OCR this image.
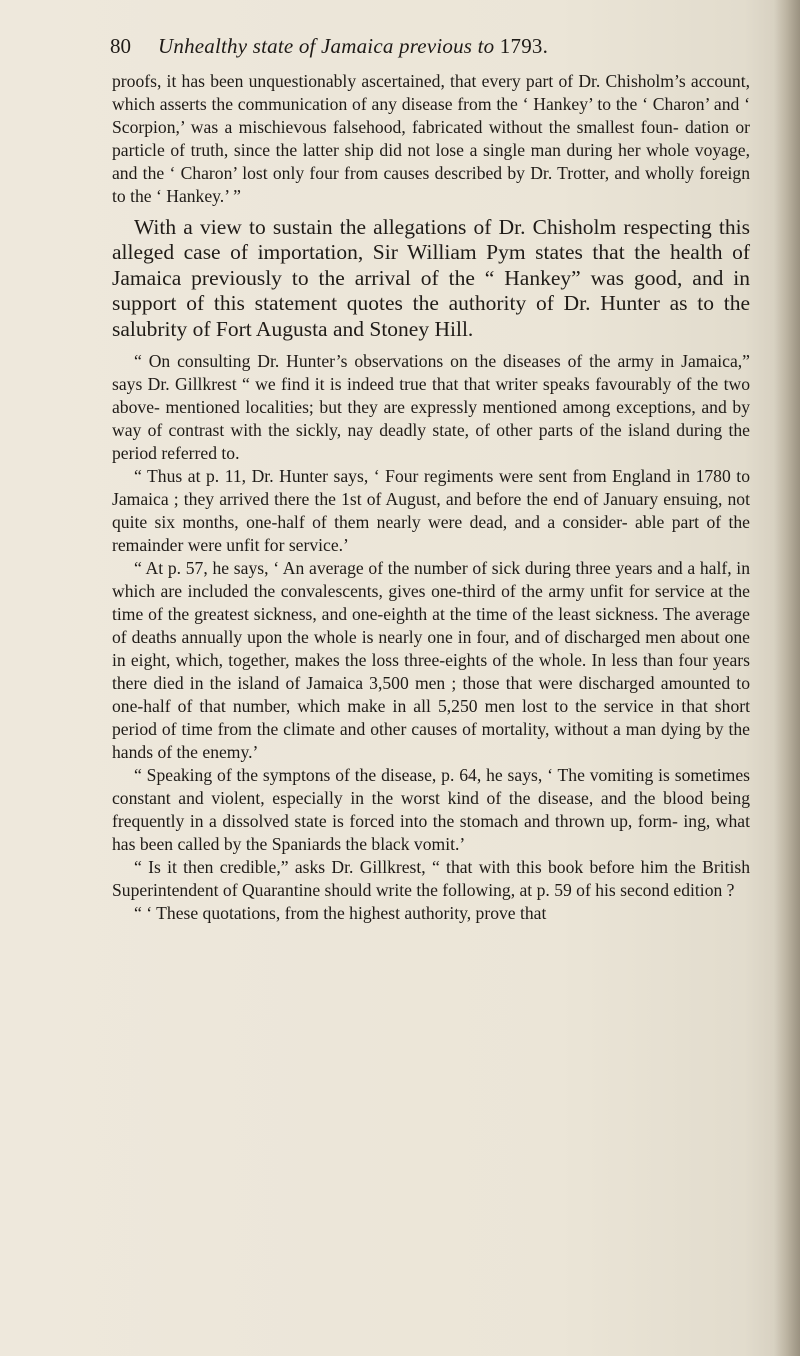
80 Unhealthy state of Jamaica previous to 1793.

proofs, it has been unquestionably ascertained, that every part of Dr. Chisholm’s account, which asserts the communication of any disease from the ‘ Hankey’ to the ‘ Charon’ and ‘ Scorpion,’ was a mischievous falsehood, fabricated without the smallest foun- dation or particle of truth, since the latter ship did not lose a single man during her whole voyage, and the ‘ Charon’ lost only four from causes described by Dr. Trotter, and wholly foreign to the ‘ Hankey.’ ”

With a view to sustain the allegations of Dr. Chisholm respecting this alleged case of importation, Sir William Pym states that the health of Jamaica previously to the arrival of the “ Hankey” was good, and in support of this statement quotes the authority of Dr. Hunter as to the salubrity of Fort Augusta and Stoney Hill.

“ On consulting Dr. Hunter’s observations on the diseases of the army in Jamaica,” says Dr. Gillkrest “ we find it is indeed true that that writer speaks favourably of the two above- mentioned localities; but they are expressly mentioned among exceptions, and by way of contrast with the sickly, nay deadly state, of other parts of the island during the period referred to.

“ Thus at p. 11, Dr. Hunter says, ‘ Four regiments were sent from England in 1780 to Jamaica ; they arrived there the 1st of August, and before the end of January ensuing, not quite six months, one-half of them nearly were dead, and a consider- able part of the remainder were unfit for service.’

“ At p. 57, he says, ‘ An average of the number of sick during three years and a half, in which are included the convalescents, gives one-third of the army unfit for service at the time of the greatest sickness, and one-eighth at the time of the least sickness. The average of deaths annually upon the whole is nearly one in four, and of discharged men about one in eight, which, together, makes the loss three-eights of the whole. In less than four years there died in the island of Jamaica 3,500 men ; those that were discharged amounted to one-half of that number, which make in all 5,250 men lost to the service in that short period of time from the climate and other causes of mortality, without a man dying by the hands of the enemy.’

“ Speaking of the symptons of the disease, p. 64, he says, ‘ The vomiting is sometimes constant and violent, especially in the worst kind of the disease, and the blood being frequently in a dissolved state is forced into the stomach and thrown up, form- ing, what has been called by the Spaniards the black vomit.’

“ Is it then credible,” asks Dr. Gillkrest, “ that with this book before him the British Superintendent of Quarantine should write the following, at p. 59 of his second edition ?

“ ‘ These quotations, from the highest authority, prove that
